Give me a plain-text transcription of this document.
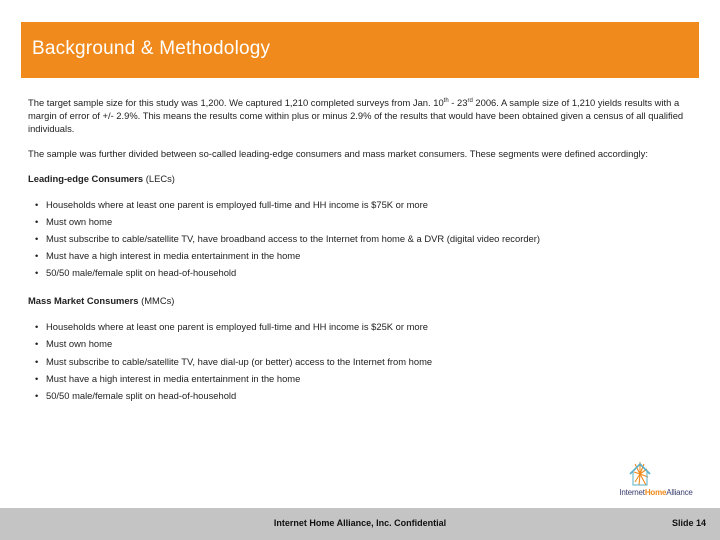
Background & Methodology

The target sample size for this study was 1,200. We captured 1,210 completed surveys from Jan. 10th - 23rd 2006. A sample size of 1,210 yields results with a margin of error of +/- 2.9%. This means the results come within plus or minus 2.9% of the results that would have been obtained given a census of all qualified individuals.

The sample was further divided between so-called leading-edge consumers and mass market consumers. These segments were defined accordingly:

Leading-edge Consumers (LECs)
• Households where at least one parent is employed full-time and HH income is $75K or more
• Must own home
• Must subscribe to cable/satellite TV, have broadband access to the Internet from home & a DVR (digital video recorder)
• Must have a high interest in media entertainment in the home
• 50/50 male/female split on head-of-household
Mass Market Consumers (MMCs)
• Households where at least one parent is employed full-time and HH income is $25K or more
• Must own home
• Must subscribe to cable/satellite TV, have dial-up (or better) access to the Internet from home
• Must have a high interest in media entertainment in the home
• 50/50 male/female split on head-of-household
InternetHomeAlliance
Internet Home Alliance, Inc. Confidential	Slide 14
